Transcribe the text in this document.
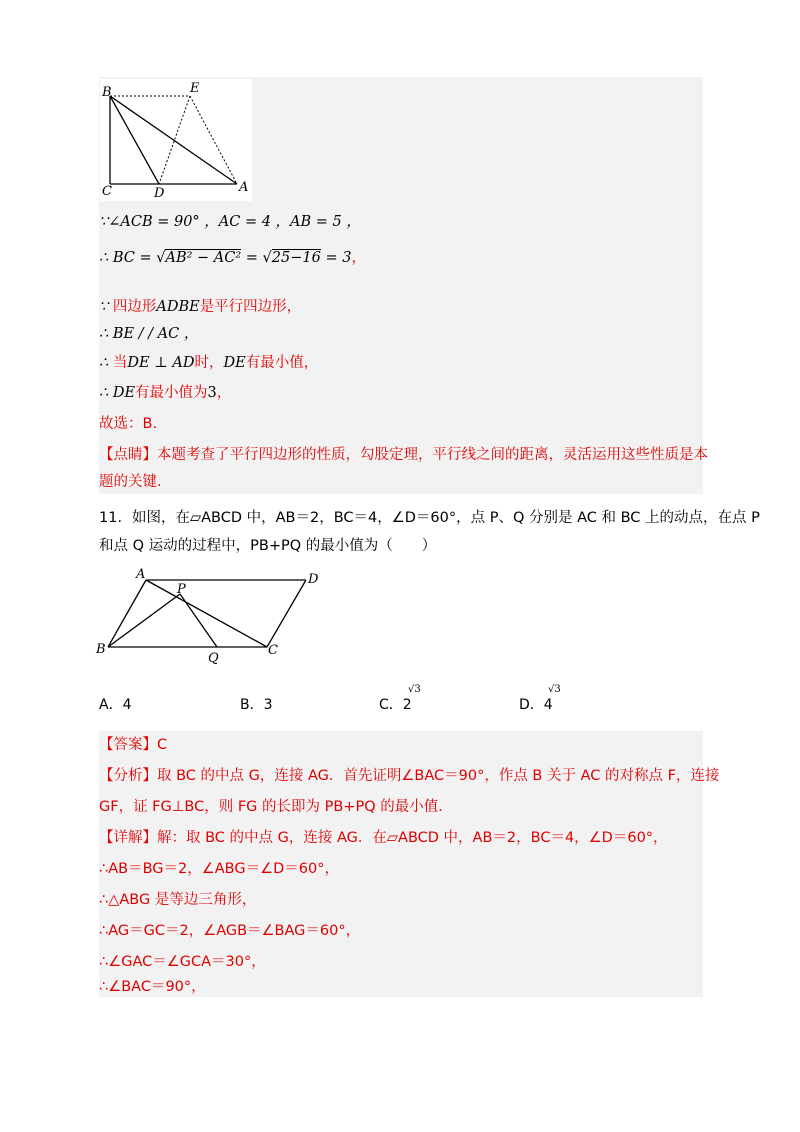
B	E
C	D	A
∵∠ACB = 90° ，AC = 4 ，AB = 5 ，
∴ BC = √AB² − AC² = √25−16 = 3，
∵ 四边形ADBE是平行四边形，
∴ BE / / AC ，
∴ 当DE ⊥ AD时，DE有最小值，
∴ DE有最小值为3，
故选：B.
【点睛】本题考查了平行四边形的性质，勾股定理，平行线之间的距离，灵活运用这些性质是本
题的关键.
11．如图，在▱ABCD 中，AB＝2，BC＝4，∠D＝60°，点 P、Q 分别是 AC 和 BC 上的动点，在点 P
和点 Q 运动的过程中，PB+PQ 的最小值为（　　）
A	D
P
B
Q
C
A．4	B．3	C．2
√3
D．4
√3
【答案】C
【分析】取 BC 的中点 G，连接 AG．首先证明∠BAC＝90°，作点 B 关于 AC 的对称点 F，连接
GF，证 FG⊥BC，则 FG 的长即为 PB+PQ 的最小值．
【详解】解：取 BC 的中点 G，连接 AG．在▱ABCD 中，AB＝2，BC＝4，∠D＝60°，
∴AB＝BG＝2，∠ABG＝∠D＝60°，
∴△ABG 是等边三角形，
∴AG＝GC＝2，∠AGB＝∠BAG＝60°，
∴∠GAC＝∠GCA＝30°，
∴∠BAC＝90°，
